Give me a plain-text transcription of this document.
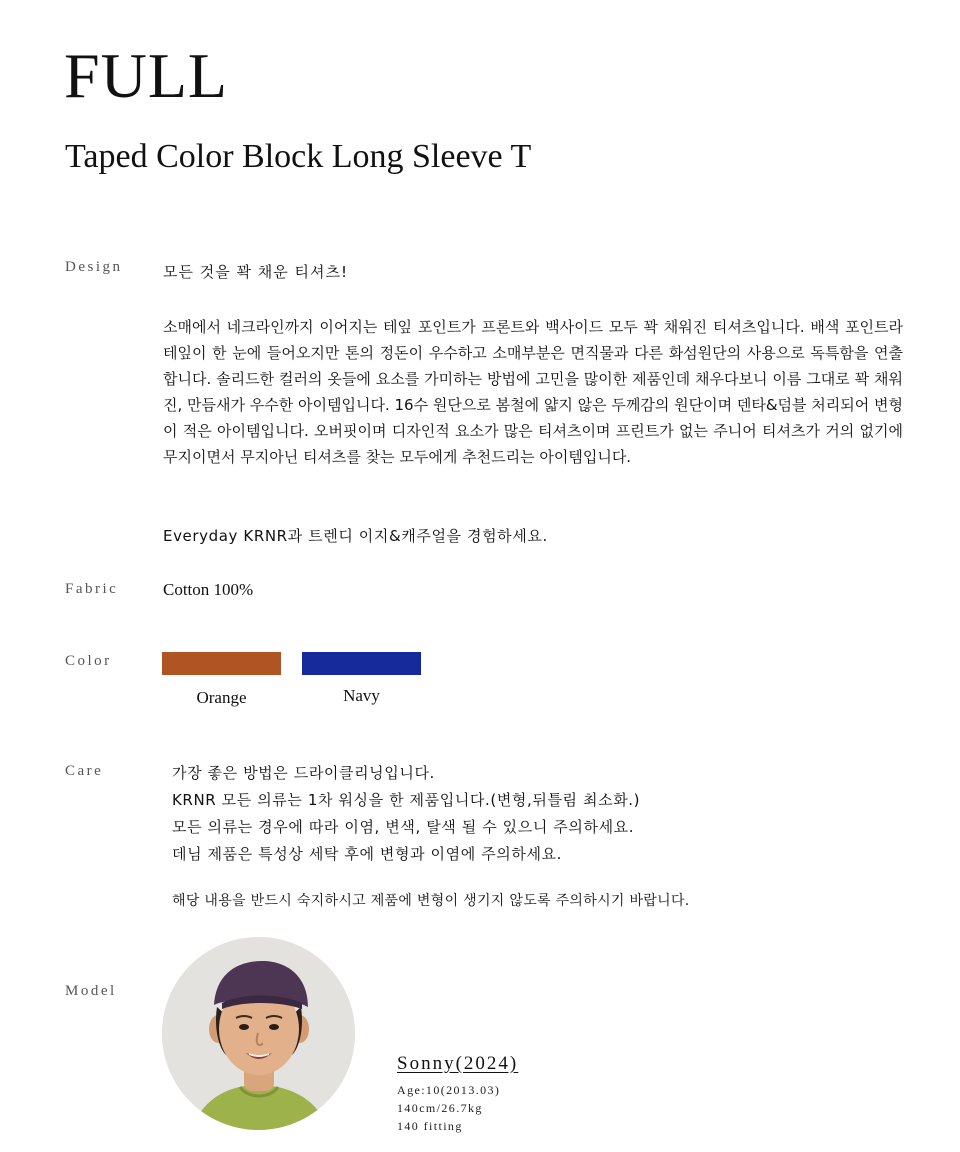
FULL
Taped Color Block Long Sleeve T
Design	모든 것을 꽉 채운 티셔츠!
소매에서 네크라인까지 이어지는 테잎 포인트가 프론트와 백사이드 모두 꽉 채워진 티셔츠입니다. 배색 포인트라 테잎이 한 눈에 들어오지만 톤의 정돈이 우수하고 소매부분은 면직물과 다른 화섬원단의 사용으로 독특함을 연출합니다. 솔리드한 컬러의 옷들에 요소를 가미하는 방법에 고민을 많이한 제품인데 채우다보니 이름 그대로 꽉 채워진, 만듬새가 우수한 아이템입니다. 16수 원단으로 봄철에 얇지 않은 두께감의 원단이며 덴타&덤블 처리되어 변형이 적은 아이템입니다. 오버핏이며 디자인적 요소가 많은 티셔츠이며 프린트가 없는 주니어 티셔츠가 거의 없기에 무지이면서 무지아닌 티셔츠를 찾는 모두에게 추천드리는 아이템입니다.
Everyday KRNR과 트렌디 이지&캐주얼을 경험하세요.
Fabric	Cotton 100%
Color
Orange	Navy
Care	가장 좋은 방법은 드라이클리닝입니다.
KRNR 모든 의류는 1차 워싱을 한 제품입니다.(변형,뒤틀림 최소화.)
모든 의류는 경우에 따라 이염, 변색, 탈색 될 수 있으니 주의하세요.
데님 제품은 특성상 세탁 후에 변형과 이염에 주의하세요.
해당 내용을 반드시 숙지하시고 제품에 변형이 생기지 않도록 주의하시기 바랍니다.
Model
Sonny(2024)
Age:10(2013.03)
140cm/26.7kg
140 fitting
